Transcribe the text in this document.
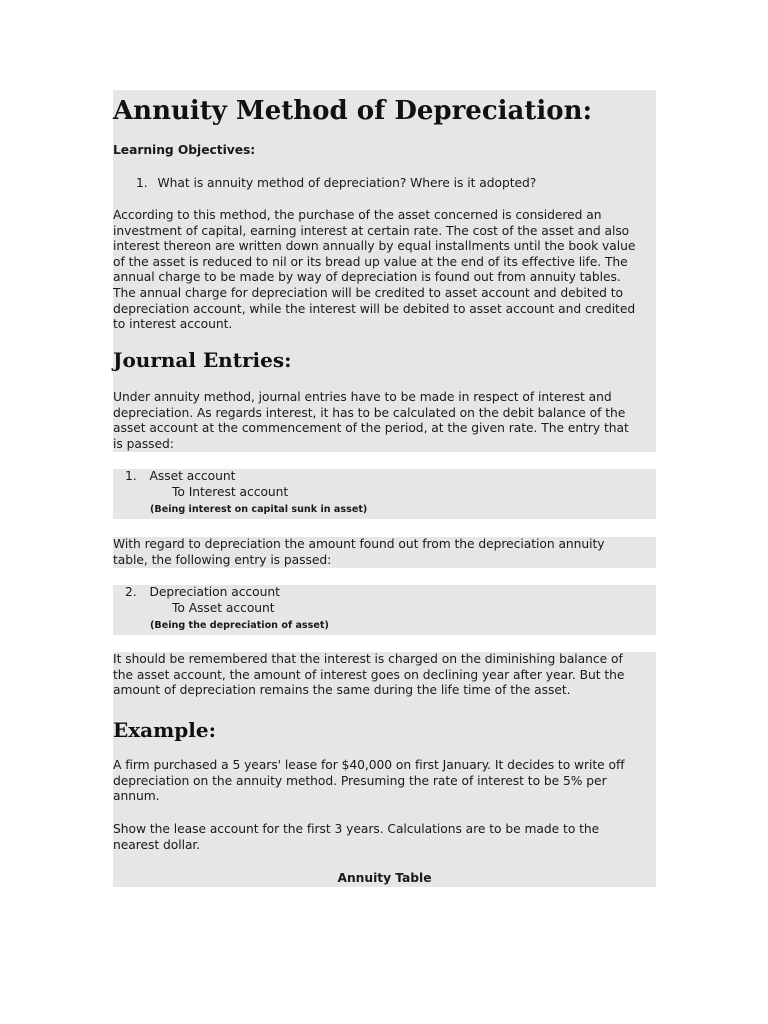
Annuity Method of Depreciation:
Learning Objectives:
1. What is annuity method of depreciation? Where is it adopted?
According to this method, the purchase of the asset concerned is considered an
investment of capital, earning interest at certain rate. The cost of the asset and also
interest thereon are written down annually by equal installments until the book value
of the asset is reduced to nil or its bread up value at the end of its effective life. The
annual charge to be made by way of depreciation is found out from annuity tables.
The annual charge for depreciation will be credited to asset account and debited to
depreciation account, while the interest will be debited to asset account and credited
to interest account.
Journal Entries:
Under annuity method, journal entries have to be made in respect of interest and
depreciation. As regards interest, it has to be calculated on the debit balance of the
asset account at the commencement of the period, at the given rate. The entry that
is passed:
1. Asset account
To Interest account
(Being interest on capital sunk in asset)
With regard to depreciation the amount found out from the depreciation annuity
table, the following entry is passed:
2. Depreciation account
To Asset account
(Being the depreciation of asset)
It should be remembered that the interest is charged on the diminishing balance of
the asset account, the amount of interest goes on declining year after year. But the
amount of depreciation remains the same during the life time of the asset.
Example:
A firm purchased a 5 years' lease for $40,000 on first January. It decides to write off
depreciation on the annuity method. Presuming the rate of interest to be 5% per
annum.
Show the lease account for the first 3 years. Calculations are to be made to the
nearest dollar.
Annuity Table
